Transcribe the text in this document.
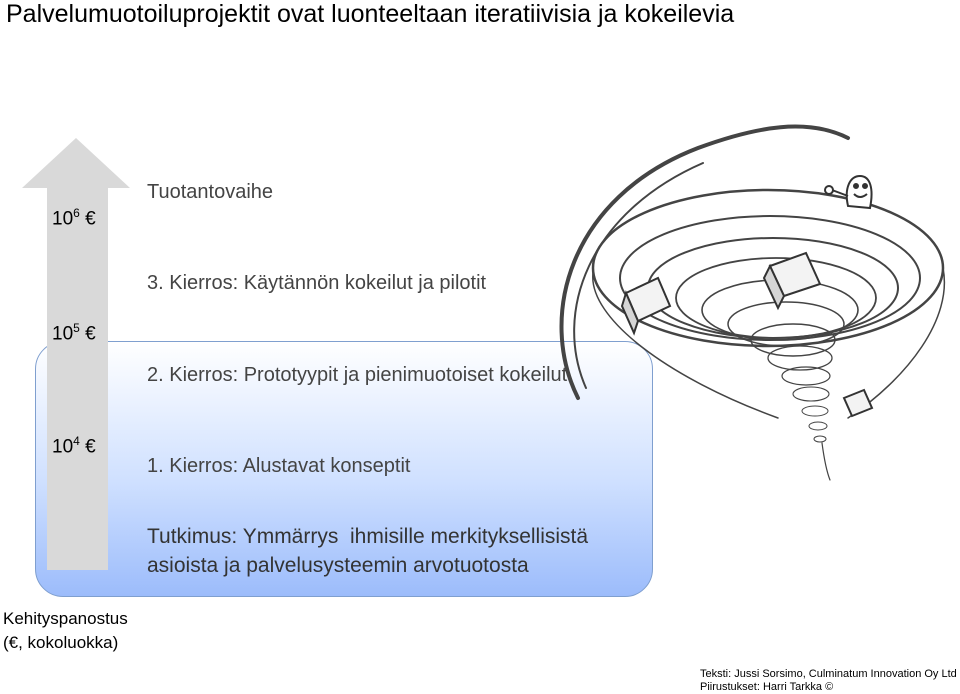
Palvelumuotoiluprojektit ovat luonteeltaan iteratiivisia ja kokeilevia
$10^6$ €
$10^5$ €
$10^4$ €
Tuotantovaihe
3. Kierros: Käytännön kokeilut ja pilotit
2. Kierros: Prototyypit ja pienimuotoiset kokeilut
1. Kierros: Alustavat konseptit
Tutkimus: Ymmärrys  ihmisille merkityksellisistä
asioista ja palvelusysteemin arvotuotosta
Kehityspanostus
(€, kokoluokka)
Teksti: Jussi Sorsimo, Culminatum Innovation Oy Ltd
Piirustukset: Harri Tarkka ©
